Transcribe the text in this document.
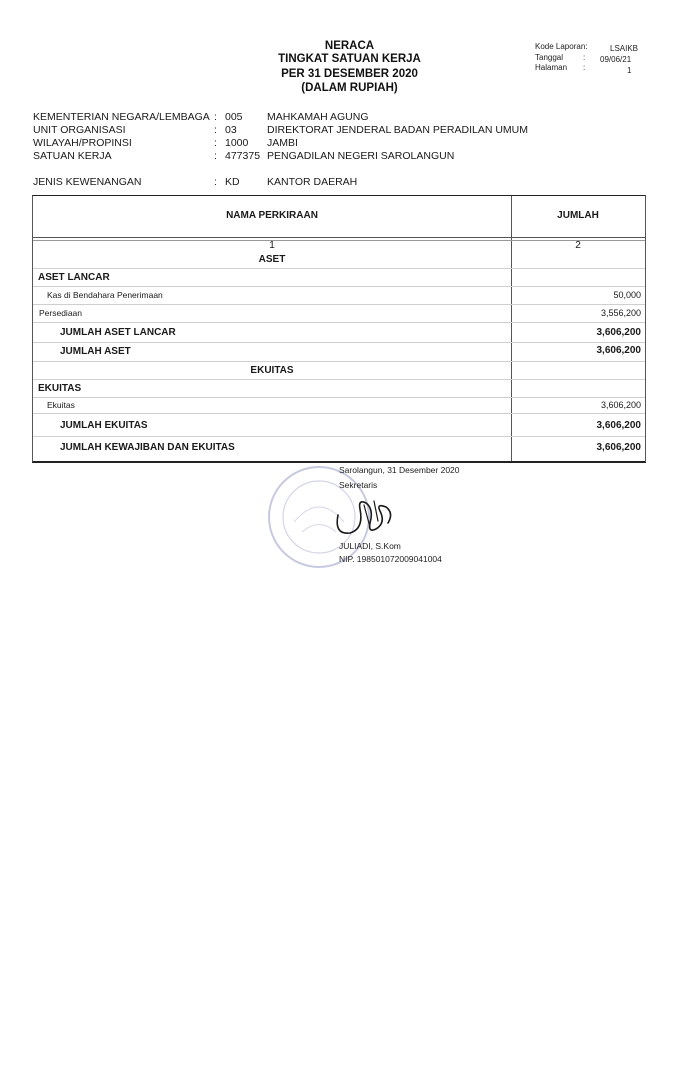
NERACA
TINGKAT SATUAN KERJA
PER 31 DESEMBER 2020
(DALAM RUPIAH)
Kode Laporan:	LSAIKB
Tanggal : 09/06/21
Halaman :	1
KEMENTERIAN NEGARA/LEMBAGA : 005 MAHKAMAH AGUNG
UNIT ORGANISASI	: 03	DIREKTORAT JENDERAL BADAN PERADILAN UMUM
WILAYAH/PROPINSI	: 1000 JAMBI
SATUAN KERJA	: 477375 PENGADILAN NEGERI SAROLANGUN
JENIS KEWENANGAN	: KD	KANTOR DAERAH
NAMA PERKIRAAN	JUMLAH
1	2
ASET
ASET LANCAR
Kas di Bendahara Penerimaan	50,000
Persediaan	3,556,200
JUMLAH ASET LANCAR	3,606,200
JUMLAH ASET	3,606,200
EKUITAS
EKUITAS
Ekuitas	3,606,200
JUMLAH EKUITAS	3,606,200
JUMLAH KEWAJIBAN DAN EKUITAS	3,606,200
Sarolangun, 31 Desember 2020
Sekretaris
JULIADI, S.Kom
NIP. 198501072009041004
